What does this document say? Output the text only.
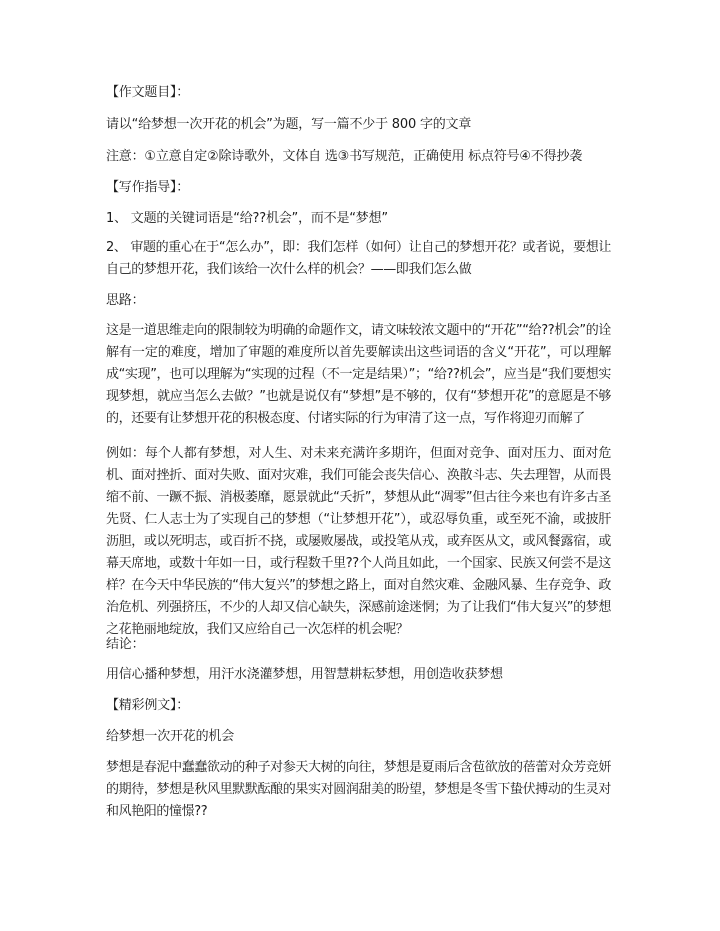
【作文题目】：
请以“给梦想一次开花的机会”为题，写一篇不少于 800 字的文章
注意：①立意自定②除诗歌外，文体自 选③书写规范，正确使用 标点符号④不得抄袭
【写作指导】：
1、 文题的关键词语是“给??机会”，而不是“梦想”
2、 审题的重心在于“怎么办”，即：我们怎样（如何）让自己的梦想开花？或者说，要想让自己的梦想开花，我们该给一次什么样的机会？——即我们怎么做
思路：
这是一道思维走向的限制较为明确的命题作文，请文味较浓文题中的“开花”“给??机会”的诠解有一定的难度，增加了审题的难度所以首先要解读出这些词语的含义“开花”，可以理解成“实现”，也可以理解为“实现的过程（不一定是结果）”；“给??机会”，应当是“我们要想实现梦想，就应当怎么去做？”也就是说仅有“梦想”是不够的，仅有“梦想开花”的意愿是不够的，还要有让梦想开花的积极态度、付诸实际的行为审清了这一点，写作将迎刃而解了
例如：每个人都有梦想，对人生、对未来充满许多期许，但面对竞争、面对压力、面对危机、面对挫折、面对失败、面对灾难，我们可能会丧失信心、涣散斗志、失去理智，从而畏缩不前、一蹶不振、消极萎靡，愿景就此“夭折”，梦想从此“凋零”但古往今来也有许多古圣先贤、仁人志士为了实现自己的梦想（“让梦想开花”），或忍辱负重，或至死不渝，或披肝沥胆，或以死明志，或百折不挠，或屡败屡战，或投笔从戎，或弃医从文，或风餐露宿，或幕天席地，或数十年如一日，或行程数千里??个人尚且如此，一个国家、民族又何尝不是这样？在今天中华民族的“伟大复兴”的梦想之路上，面对自然灾难、金融风暴、生存竞争、政治危机、列强挤压，不少的人却又信心缺失，深感前途迷惘；为了让我们“伟大复兴”的梦想之花艳丽地绽放，我们又应给自己一次怎样的机会呢？
结论：
用信心播种梦想，用汗水浇灌梦想，用智慧耕耘梦想，用创造收获梦想
【精彩例文】：
给梦想一次开花的机会
梦想是春泥中蠢蠢欲动的种子对参天大树的向往，梦想是夏雨后含苞欲放的蓓蕾对众芳竞妍的期待，梦想是秋风里默默酝酿的果实对圆润甜美的盼望，梦想是冬雪下蛰伏搏动的生灵对和风艳阳的憧憬??
